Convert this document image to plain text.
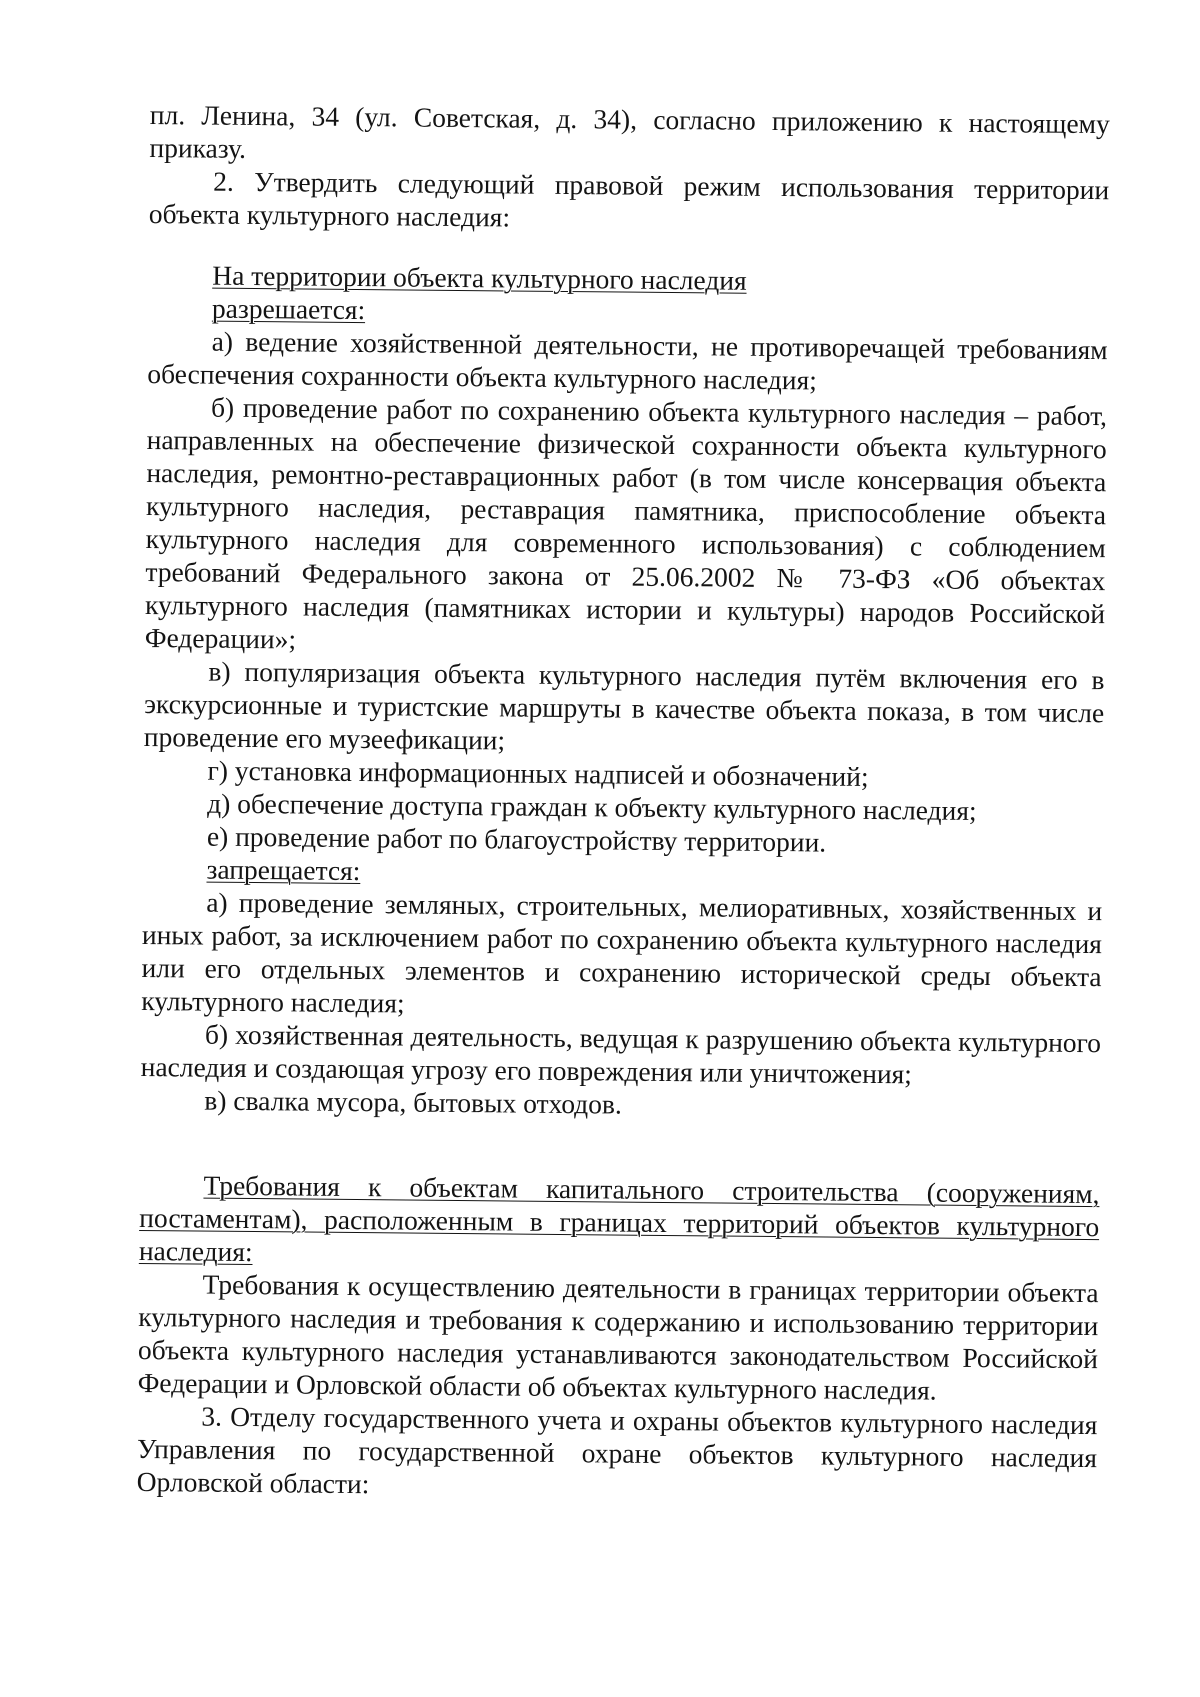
пл. Ленина, 34 (ул. Советская, д. 34), согласно приложению к настоящему приказу.

2. Утвердить следующий правовой режим использования территории объекта культурного наследия:

На территории объекта культурного наследия

разрешается:

а) ведение хозяйственной деятельности, не противоречащей требованиям обеспечения сохранности объекта культурного наследия;

б) проведение работ по сохранению объекта культурного наследия – работ, направленных на обеспечение физической сохранности объекта культурного наследия, ремонтно-реставрационных работ (в том числе консервация объекта культурного наследия, реставрация памятника, приспособление объекта культурного наследия для современного использования) с соблюдением требований Федерального закона от 25.06.2002 № 73-ФЗ «Об объектах культурного наследия (памятниках истории и культуры) народов Российской Федерации»;

в) популяризация объекта культурного наследия путём включения его в экскурсионные и туристские маршруты в качестве объекта показа, в том числе проведение его музеефикации;

г) установка информационных надписей и обозначений;

д) обеспечение доступа граждан к объекту культурного наследия;

е) проведение работ по благоустройству территории.

запрещается:

а) проведение земляных, строительных, мелиоративных, хозяйственных и иных работ, за исключением работ по сохранению объекта культурного наследия или его отдельных элементов и сохранению исторической среды объекта культурного наследия;

б) хозяйственная деятельность, ведущая к разрушению объекта культурного наследия и создающая угрозу его повреждения или уничтожения;

в) свалка мусора, бытовых отходов.

Требования к объектам капитального строительства (сооружениям, постаментам), расположенным в границах территорий объектов культурного наследия:

Требования к осуществлению деятельности в границах территории объекта культурного наследия и требования к содержанию и использованию территории объекта культурного наследия устанавливаются законодательством Российской Федерации и Орловской области об объектах культурного наследия.

3. Отделу государственного учета и охраны объектов культурного наследия Управления по государственной охране объектов культурного наследия Орловской области:
